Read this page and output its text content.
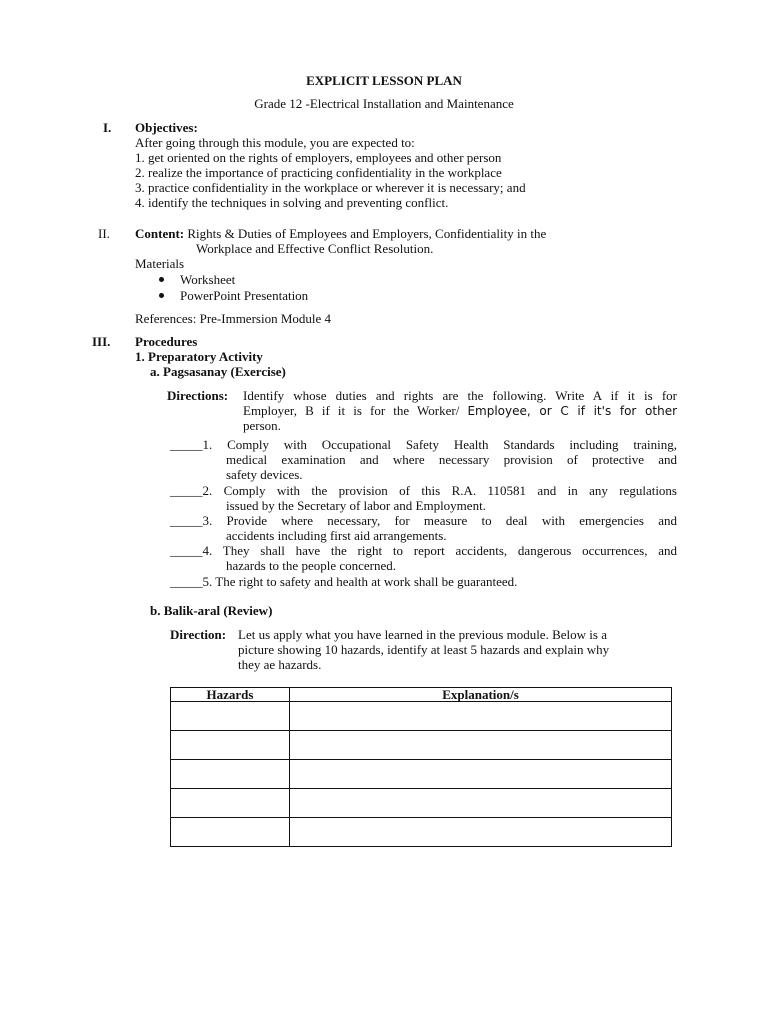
EXPLICIT LESSON PLAN
Grade 12 -Electrical Installation and Maintenance
I. Objectives:
After going through this module, you are expected to:
1. get oriented on the rights of employers, employees and other person
2. realize the importance of practicing confidentiality in the workplace
3. practice confidentiality in the workplace or wherever it is necessary; and
4. identify the techniques in solving and preventing conflict.
II. Content: Rights & Duties of Employees and Employers, Confidentiality in the
Workplace and Effective Conflict Resolution.
Materials
Worksheet
PowerPoint Presentation
References: Pre-Immersion Module 4
III. Procedures
1. Preparatory Activity
a. Pagsasanay (Exercise)
Directions: Identify whose duties and rights are the following. Write A if it is for
Employer, B if it is for the Worker/ Employee, or C if it's for other
person.
_____1. Comply with Occupational Safety Health Standards including training,
medical examination and where necessary provision of protective and
safety devices.
_____2. Comply with the provision of this R.A. 110581 and in any regulations
issued by the Secretary of labor and Employment.
_____3. Provide where necessary, for measure to deal with emergencies and
accidents including first aid arrangements.
_____4. They shall have the right to report accidents, dangerous occurrences, and
hazards to the people concerned.
_____5. The right to safety and health at work shall be guaranteed.
b. Balik-aral (Review)
Direction: Let us apply what you have learned in the previous module. Below is a
picture showing 10 hazards, identify at least 5 hazards and explain why
they ae hazards.
Hazards	Explanation/s
